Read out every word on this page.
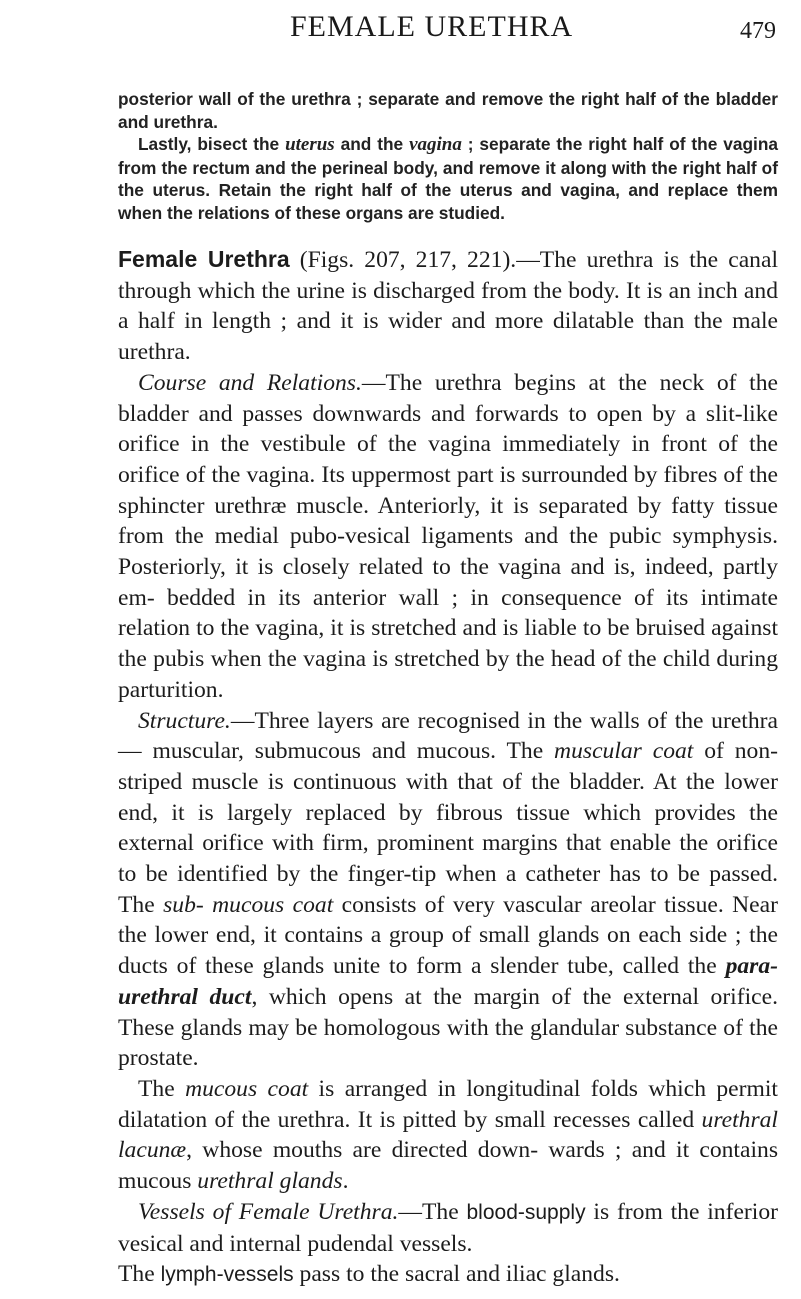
FEMALE URETHRA	479

posterior wall of the urethra ; separate and remove the right half of the bladder and urethra.

Lastly, bisect the uterus and the vagina ; separate the right half of the vagina from the rectum and the perineal body, and remove it along with the right half of the uterus. Retain the right half of the uterus and vagina, and replace them when the relations of these organs are studied.

Female Urethra (Figs. 207, 217, 221).—The urethra is the canal through which the urine is discharged from the body. It is an inch and a half in length ; and it is wider and more dilatable than the male urethra.

Course and Relations.—The urethra begins at the neck of the bladder and passes downwards and forwards to open by a slit-like orifice in the vestibule of the vagina immediately in front of the orifice of the vagina. Its uppermost part is surrounded by fibres of the sphincter urethræ muscle. Anteriorly, it is separated by fatty tissue from the medial pubo-vesical ligaments and the pubic symphysis. Posteriorly, it is closely related to the vagina and is, indeed, partly em- bedded in its anterior wall ; in consequence of its intimate relation to the vagina, it is stretched and is liable to be bruised against the pubis when the vagina is stretched by the head of the child during parturition.

Structure.—Three layers are recognised in the walls of the urethra — muscular, submucous and mucous. The muscular coat of non-striped muscle is continuous with that of the bladder. At the lower end, it is largely replaced by fibrous tissue which provides the external orifice with firm, prominent margins that enable the orifice to be identified by the finger-tip when a catheter has to be passed. The sub- mucous coat consists of very vascular areolar tissue. Near the lower end, it contains a group of small glands on each side ; the ducts of these glands unite to form a slender tube, called the para-urethral duct, which opens at the margin of the external orifice. These glands may be homologous with the glandular substance of the prostate.

The mucous coat is arranged in longitudinal folds which permit dilatation of the urethra. It is pitted by small recesses called urethral lacunæ, whose mouths are directed down- wards ; and it contains mucous urethral glands.

Vessels of Female Urethra.—The blood-supply is from the inferior vesical and internal pudendal vessels.

The lymph-vessels pass to the sacral and iliac glands.
